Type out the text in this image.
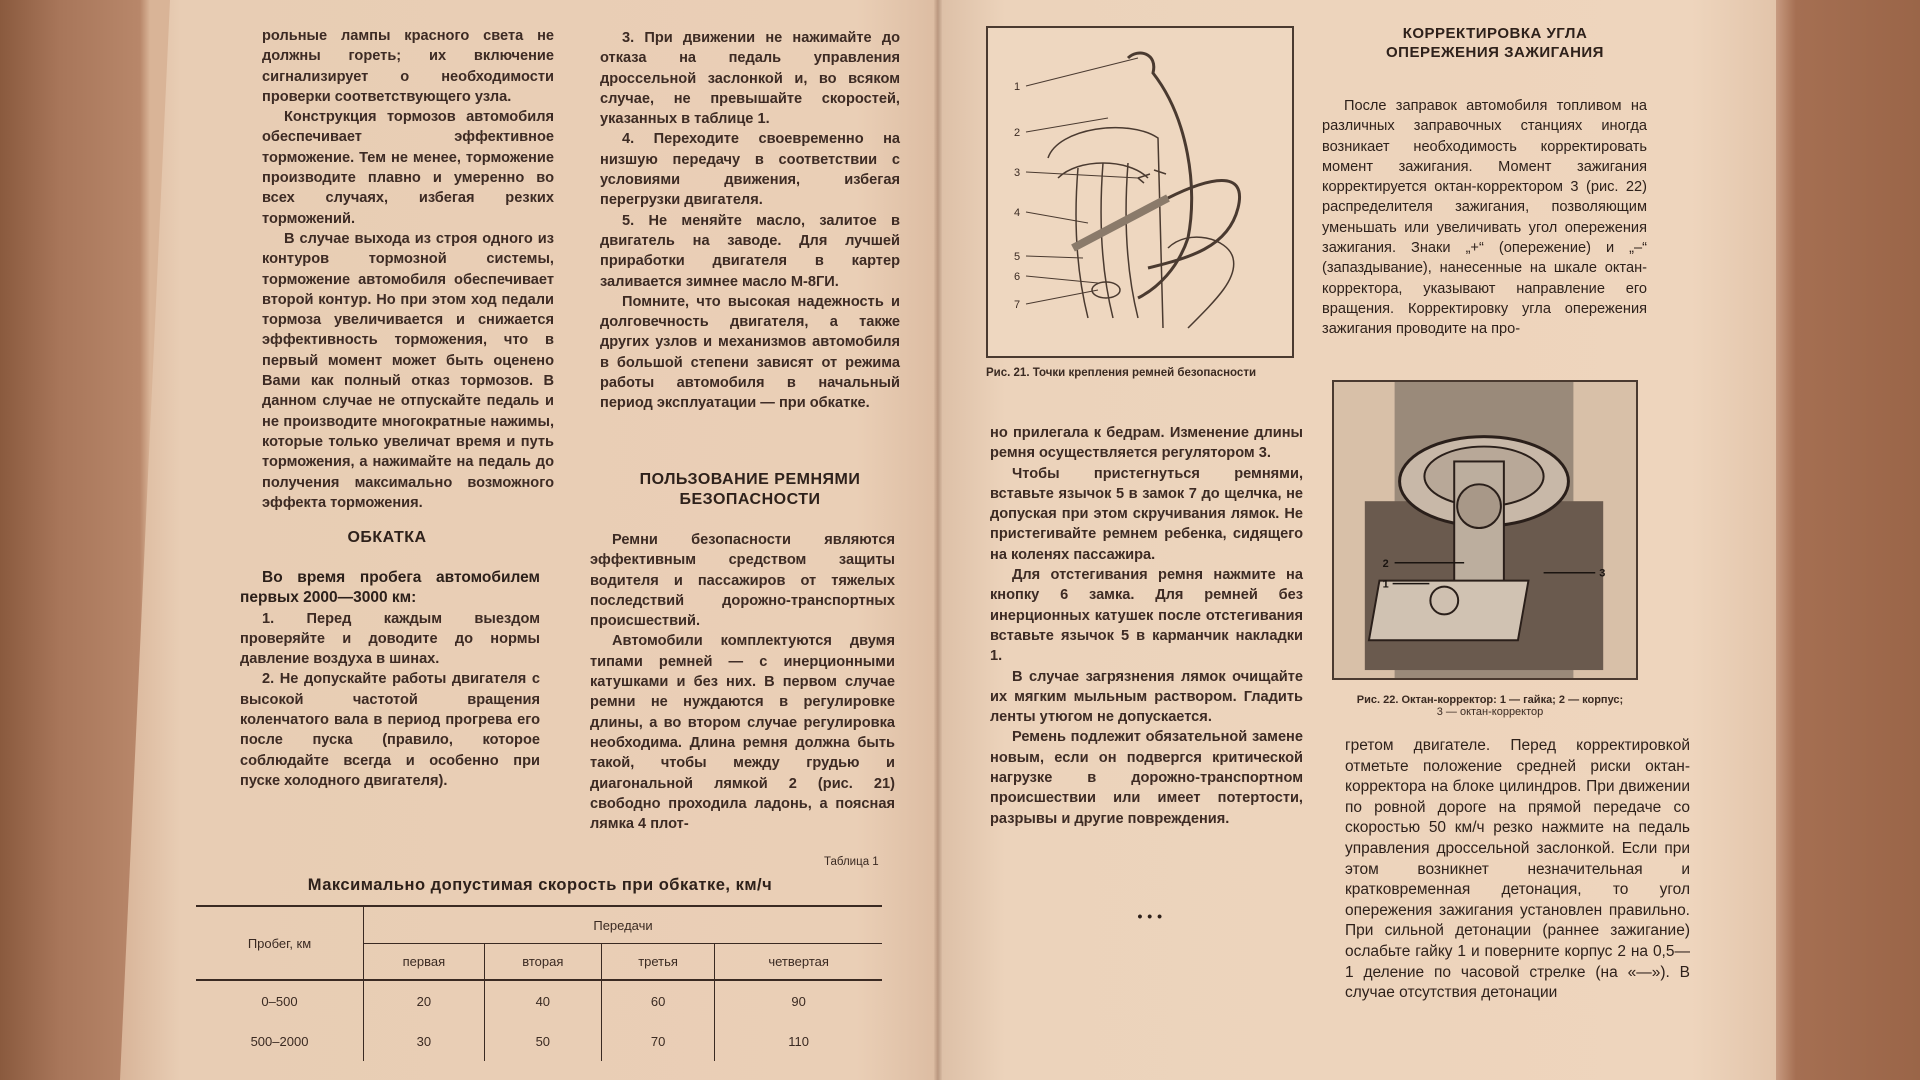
рольные лампы красного света не должны гореть; их включение сигнализирует о необходимости проверки соответствующего узла.

Конструкция тормозов автомобиля обеспечивает эффективное торможение. Тем не менее, торможение производите плавно и умеренно во всех случаях, избегая резких торможений.

В случае выхода из строя одного из контуров тормозной системы, торможение автомобиля обеспечивает второй контур. Но при этом ход педали тормоза увеличивается и снижается эффективность торможения, что в первый момент может быть оценено Вами как полный отказ тормозов. В данном случае не отпускайте педаль и не производите многократные нажимы, которые только увеличат время и путь торможения, а нажимайте на педаль до получения максимально возможного эффекта торможения.

ОБКАТКА

Во время пробега автомобилем первых 2000—3000 км:

1. Перед каждым выездом проверяйте и доводите до нормы давление воздуха в шинах.

2. Не допускайте работы двигателя с высокой частотой вращения коленчатого вала в период прогрева его после пуска (правило, которое соблюдайте всегда и особенно при пуске холодного двигателя).

3. При движении не нажимайте до отказа на педаль управления дроссельной заслонкой и, во всяком случае, не превышайте скоростей, указанных в таблице 1.

4. Переходите своевременно на низшую передачу в соответствии с условиями движения, избегая перегрузки двигателя.

5. Не меняйте масло, залитое в двигатель на заводе. Для лучшей приработки двигателя в картер заливается зимнее масло М-8ГИ.

Помните, что высокая надежность и долговечность двигателя, а также других узлов и механизмов автомобиля в большой степени зависят от режима работы автомобиля в начальный период эксплуатации — при обкатке.

ПОЛЬЗОВАНИЕ РЕМНЯМИ БЕЗОПАСНОСТИ

Ремни безопасности являются эффективным средством защиты водителя и пассажиров от тяжелых последствий дорожно-транспортных происшествий.

Автомобили комплектуются двумя типами ремней — с инерционными катушками и без них. В первом случае ремни не нуждаются в регулировке длины, а во втором случае регулировка необходима. Длина ремня должна быть такой, чтобы между грудью и диагональной лямкой 2 (рис. 21) свободно проходила ладонь, а поясная лямка 4 плот-

Таблица 1
Максимально допустимая скорость при обкатке, км/ч
Пробег, км	Передачи			
	первая	вторая	третья	четвертая
0–500	20	40	60	90
500–2000	30	50	70	110
1
2
3
4
5
6
7
Рис. 21. Точки крепления ремней безопасности

но прилегала к бедрам. Изменение длины ремня осуществляется регулятором 3.

Чтобы пристегнуться ремнями, вставьте язычок 5 в замок 7 до щелчка, не допуская при этом скручивания лямок. Не пристегивайте ремнем ребенка, сидящего на коленях пассажира.

Для отстегивания ремня нажмите на кнопку 6 замка. Для ремней без инерционных катушек после отстегивания вставьте язычок 5 в карманчик накладки 1.

В случае загрязнения лямок очищайте их мягким мыльным раствором. Гладить ленты утюгом не допускается.

Ремень подлежит обязательной замене новым, если он подвергся критической нагрузке в дорожно-транспортном происшествии или имеет потертости, разрывы и другие повреждения.

• • •
КОРРЕКТИРОВКА УГЛА ОПЕРЕЖЕНИЯ ЗАЖИГАНИЯ

После заправок автомобиля топливом на различных заправочных станциях иногда возникает необходимость корректировать момент зажигания. Момент зажигания корректируется октан-корректором 3 (рис. 22) распределителя зажигания, позволяющим уменьшать или увеличивать угол опережения зажигания. Знаки „+“ (опережение) и „–“ (запаздывание), нанесенные на шкале октан-корректора, указывают направление его вращения. Корректировку угла опережения зажигания проводите на про-

2
1
3
Рис. 22. Октан-корректор: 1 — гайка; 2 — корпус;
3 — октан-корректор

гретом двигателе. Перед корректировкой отметьте положение средней риски октан-корректора на блоке цилиндров. При движении по ровной дороге на прямой передаче со скоростью 50 км/ч резко нажмите на педаль управления дроссельной заслонкой. Если при этом возникнет незначительная и кратковременная детонация, то угол опережения зажигания установлен правильно. При сильной детонации (раннее зажигание) ослабьте гайку 1 и поверните корпус 2 на 0,5—1 деление по часовой стрелке (на «—»). В случае отсутствия детонации
